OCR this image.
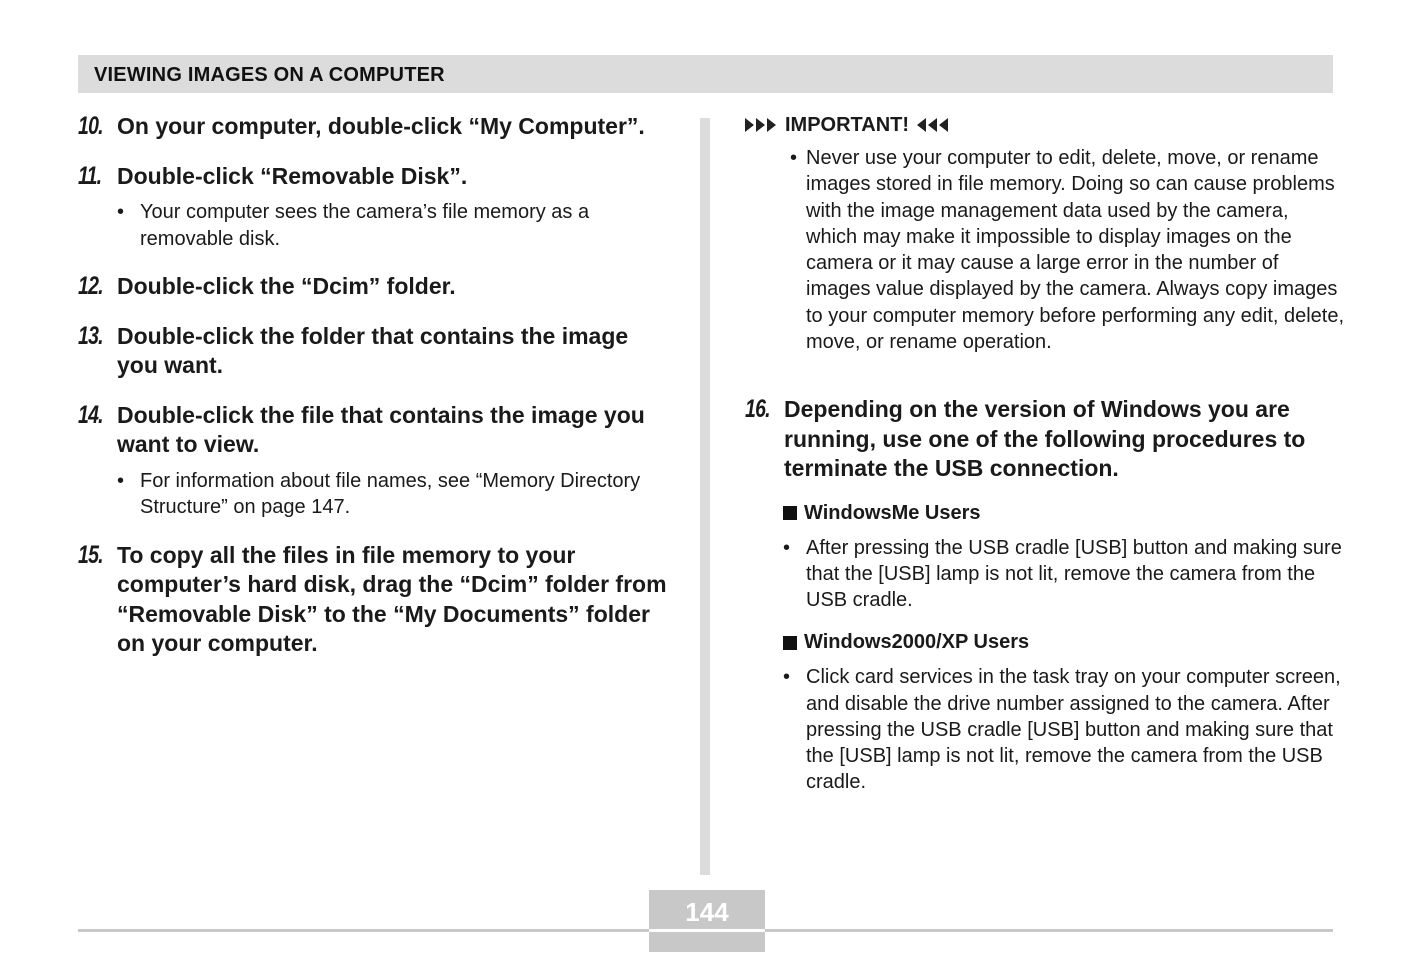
VIEWING IMAGES ON A COMPUTER
10. On your computer, double-click “My Computer”.
11. Double-click “Removable Disk”.
• Your computer sees the camera’s file memory as a removable disk.
12. Double-click the “Dcim” folder.
13. Double-click the folder that contains the image you want.
14. Double-click the file that contains the image you want to view.
• For information about file names, see “Memory Directory Structure” on page 147.
15. To copy all the files in file memory to your computer’s hard disk, drag the “Dcim” folder from “Removable Disk” to the “My Documents” folder on your computer.
IMPORTANT!
• Never use your computer to edit, delete, move, or rename images stored in file memory. Doing so can cause problems with the image management data used by the camera, which may make it impossible to display images on the camera or it may cause a large error in the number of images value displayed by the camera. Always copy images to your computer memory before performing any edit, delete, move, or rename operation.
16. Depending on the version of Windows you are running, use one of the following procedures to terminate the USB connection.
WindowsMe Users
• After pressing the USB cradle [USB] button and making sure that the [USB] lamp is not lit, remove the camera from the USB cradle.
Windows2000/XP Users
• Click card services in the task tray on your computer screen, and disable the drive number assigned to the camera. After pressing the USB cradle [USB] button and making sure that the [USB] lamp is not lit, remove the camera from the USB cradle.
144
